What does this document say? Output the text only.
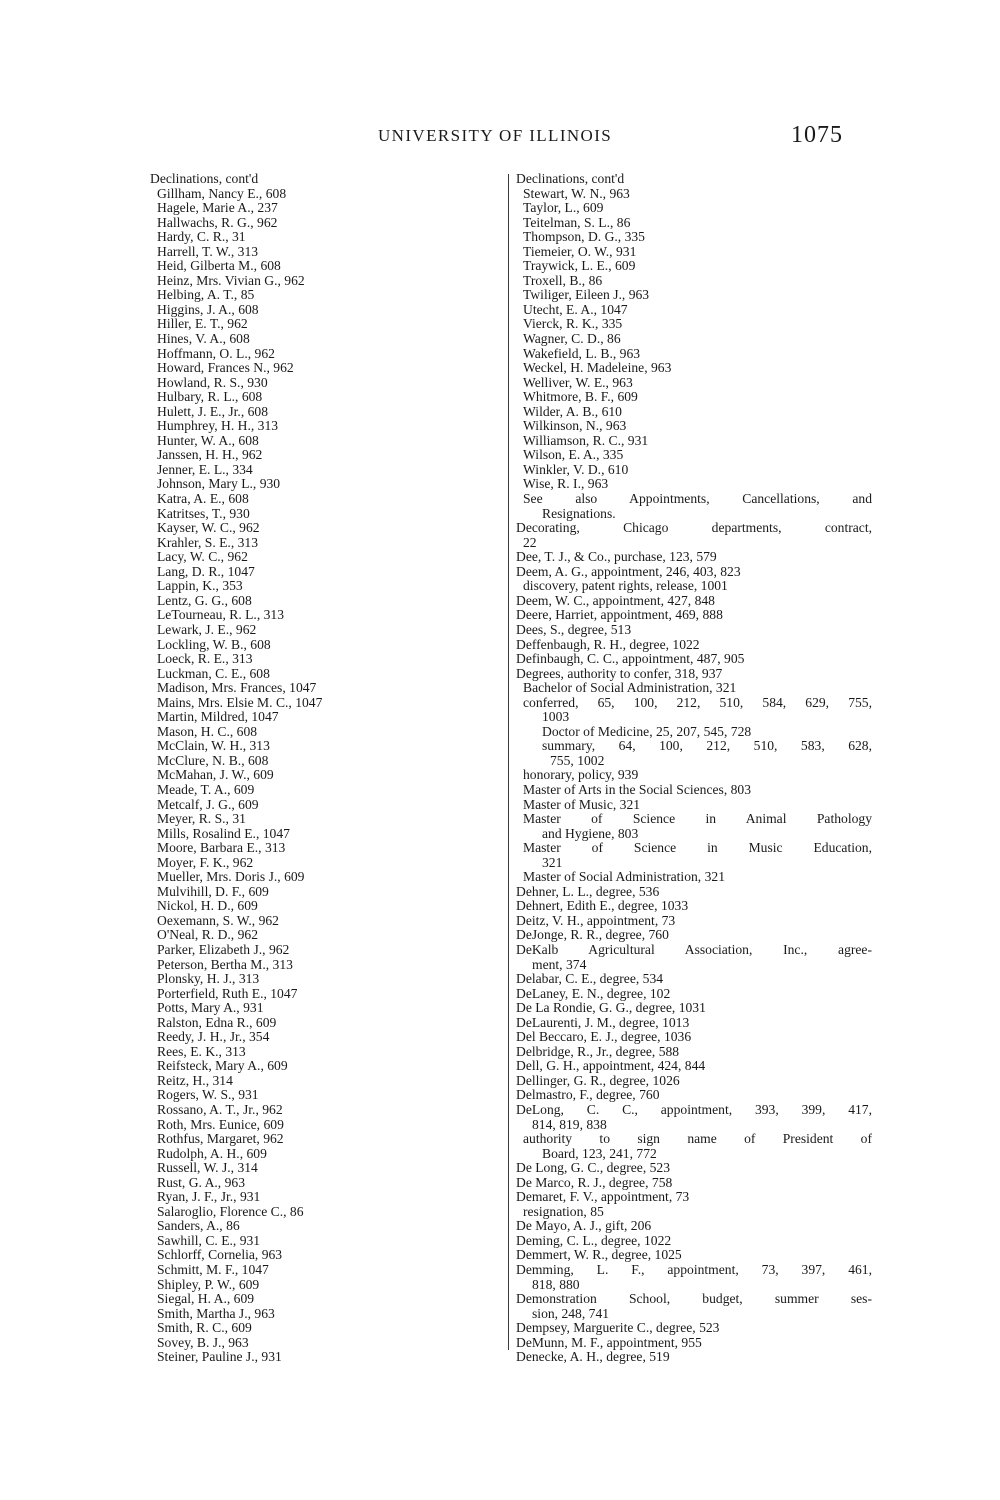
UNIVERSITY OF ILLINOIS	1075
Declinations, cont'd
Gillham, Nancy E., 608
Hagele, Marie A., 237
Hallwachs, R. G., 962
Hardy, C. R., 31
Harrell, T. W., 313
Heid, Gilberta M., 608
Heinz, Mrs. Vivian G., 962
Helbing, A. T., 85
Higgins, J. A., 608
Hiller, E. T., 962
Hines, V. A., 608
Hoffmann, O. L., 962
Howard, Frances N., 962
Howland, R. S., 930
Hulbary, R. L., 608
Hulett, J. E., Jr., 608
Humphrey, H. H., 313
Hunter, W. A., 608
Janssen, H. H., 962
Jenner, E. L., 334
Johnson, Mary L., 930
Katra, A. E., 608
Katritses, T., 930
Kayser, W. C., 962
Krahler, S. E., 313
Lacy, W. C., 962
Lang, D. R., 1047
Lappin, K., 353
Lentz, G. G., 608
LeTourneau, R. L., 313
Lewark, J. E., 962
Lockling, W. B., 608
Loeck, R. E., 313
Luckman, C. E., 608
Madison, Mrs. Frances, 1047
Mains, Mrs. Elsie M. C., 1047
Martin, Mildred, 1047
Mason, H. C., 608
McClain, W. H., 313
McClure, N. B., 608
McMahan, J. W., 609
Meade, T. A., 609
Metcalf, J. G., 609
Meyer, R. S., 31
Mills, Rosalind E., 1047
Moore, Barbara E., 313
Moyer, F. K., 962
Mueller, Mrs. Doris J., 609
Mulvihill, D. F., 609
Nickol, H. D., 609
Oexemann, S. W., 962
O'Neal, R. D., 962
Parker, Elizabeth J., 962
Peterson, Bertha M., 313
Plonsky, H. J., 313
Porterfield, Ruth E., 1047
Potts, Mary A., 931
Ralston, Edna R., 609
Reedy, J. H., Jr., 354
Rees, E. K., 313
Reifsteck, Mary A., 609
Reitz, H., 314
Rogers, W. S., 931
Rossano, A. T., Jr., 962
Roth, Mrs. Eunice, 609
Rothfus, Margaret, 962
Rudolph, A. H., 609
Russell, W. J., 314
Rust, G. A., 963
Ryan, J. F., Jr., 931
Salaroglio, Florence C., 86
Sanders, A., 86
Sawhill, C. E., 931
Schlorff, Cornelia, 963
Schmitt, M. F., 1047
Shipley, P. W., 609
Siegal, H. A., 609
Smith, Martha J., 963
Smith, R. C., 609
Sovey, B. J., 963
Steiner, Pauline J., 931
Declinations, cont'd
Stewart, W. N., 963
Taylor, L., 609
Teitelman, S. L., 86
Thompson, D. G., 335
Tiemeier, O. W., 931
Traywick, L. E., 609
Troxell, B., 86
Twiliger, Eileen J., 963
Utecht, E. A., 1047
Vierck, R. K., 335
Wagner, C. D., 86
Wakefield, L. B., 963
Weckel, H. Madeleine, 963
Welliver, W. E., 963
Whitmore, B. F., 609
Wilder, A. B., 610
Wilkinson, N., 963
Williamson, R. C., 931
Wilson, E. A., 335
Winkler, V. D., 610
Wise, R. I., 963
See also Appointments, Cancellations, and
Resignations.
Decorating, Chicago departments, contract,
22
Dee, T. J., & Co., purchase, 123, 579
Deem, A. G., appointment, 246, 403, 823
discovery, patent rights, release, 1001
Deem, W. C., appointment, 427, 848
Deere, Harriet, appointment, 469, 888
Dees, S., degree, 513
Deffenbaugh, R. H., degree, 1022
Definbaugh, C. C., appointment, 487, 905
Degrees, authority to confer, 318, 937
Bachelor of Social Administration, 321
conferred, 65, 100, 212, 510, 584, 629, 755,
1003
Doctor of Medicine, 25, 207, 545, 728
summary, 64, 100, 212, 510, 583, 628,
755, 1002
honorary, policy, 939
Master of Arts in the Social Sciences, 803
Master of Music, 321
Master of Science in Animal Pathology
and Hygiene, 803
Master of Science in Music Education,
321
Master of Social Administration, 321
Dehner, L. L., degree, 536
Dehnert, Edith E., degree, 1033
Deitz, V. H., appointment, 73
DeJonge, R. R., degree, 760
DeKalb Agricultural Association, Inc., agree-
ment, 374
Delabar, C. E., degree, 534
DeLaney, E. N., degree, 102
De La Rondie, G. G., degree, 1031
DeLaurenti, J. M., degree, 1013
Del Beccaro, E. J., degree, 1036
Delbridge, R., Jr., degree, 588
Dell, G. H., appointment, 424, 844
Dellinger, G. R., degree, 1026
Delmastro, F., degree, 760
DeLong, C. C., appointment, 393, 399, 417,
814, 819, 838
authority to sign name of President of
Board, 123, 241, 772
De Long, G. C., degree, 523
De Marco, R. J., degree, 758
Demaret, F. V., appointment, 73
resignation, 85
De Mayo, A. J., gift, 206
Deming, C. L., degree, 1022
Demmert, W. R., degree, 1025
Demming, L. F., appointment, 73, 397, 461,
818, 880
Demonstration School, budget, summer ses-
sion, 248, 741
Dempsey, Marguerite C., degree, 523
DeMunn, M. F., appointment, 955
Denecke, A. H., degree, 519
